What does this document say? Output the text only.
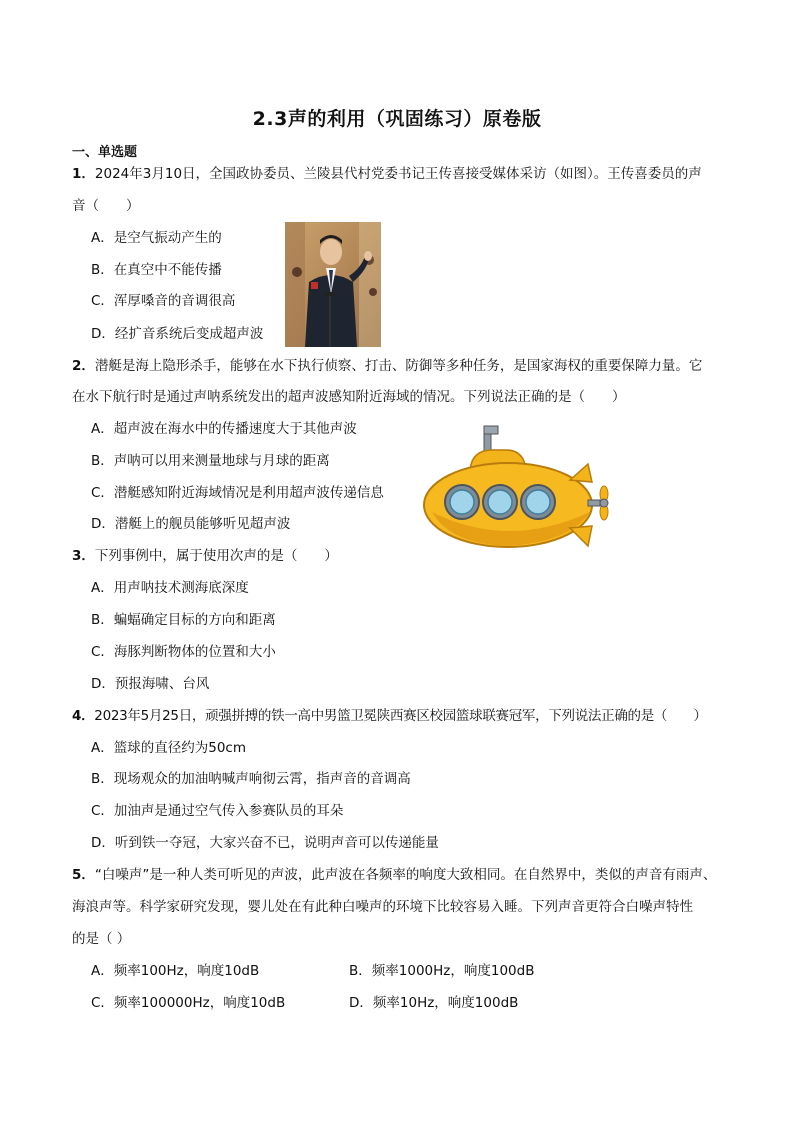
2.3声的利用（巩固练习）原卷版
一、单选题
1．2024年3月10日，全国政协委员、兰陵县代村党委书记王传喜接受媒体采访（如图）。王传喜委员的声
音（　　）
A．是空气振动产生的
B．在真空中不能传播
C．浑厚嗓音的音调很高
D．经扩音系统后变成超声波
2．潜艇是海上隐形杀手，能够在水下执行侦察、打击、防御等多种任务，是国家海权的重要保障力量。它
在水下航行时是通过声呐系统发出的超声波感知附近海域的情况。下列说法正确的是（　　）
A．超声波在海水中的传播速度大于其他声波
B．声呐可以用来测量地球与月球的距离
C．潜艇感知附近海域情况是利用超声波传递信息
D．潜艇上的舰员能够听见超声波
3．下列事例中，属于使用次声的是（　　）
A．用声呐技术测海底深度
B．蝙蝠确定目标的方向和距离
C．海豚判断物体的位置和大小
D．预报海啸、台风
4．2023年5月25日，顽强拼搏的铁一高中男篮卫冕陕西赛区校园篮球联赛冠军，下列说法正确的是（　　）
A．篮球的直径约为50cm
B．现场观众的加油呐喊声响彻云霄，指声音的音调高
C．加油声是通过空气传入参赛队员的耳朵
D．听到铁一夺冠，大家兴奋不已，说明声音可以传递能量
5．“白噪声”是一种人类可听见的声波，此声波在各频率的响度大致相同。在自然界中，类似的声音有雨声、
海浪声等。科学家研究发现，婴儿处在有此种白噪声的环境下比较容易入睡。下列声音更符合白噪声特性
的是（ ）
A．频率100Hz，响度10dB	B．频率1000Hz，响度100dB
C．频率100000Hz，响度10dB	D．频率10Hz，响度100dB
